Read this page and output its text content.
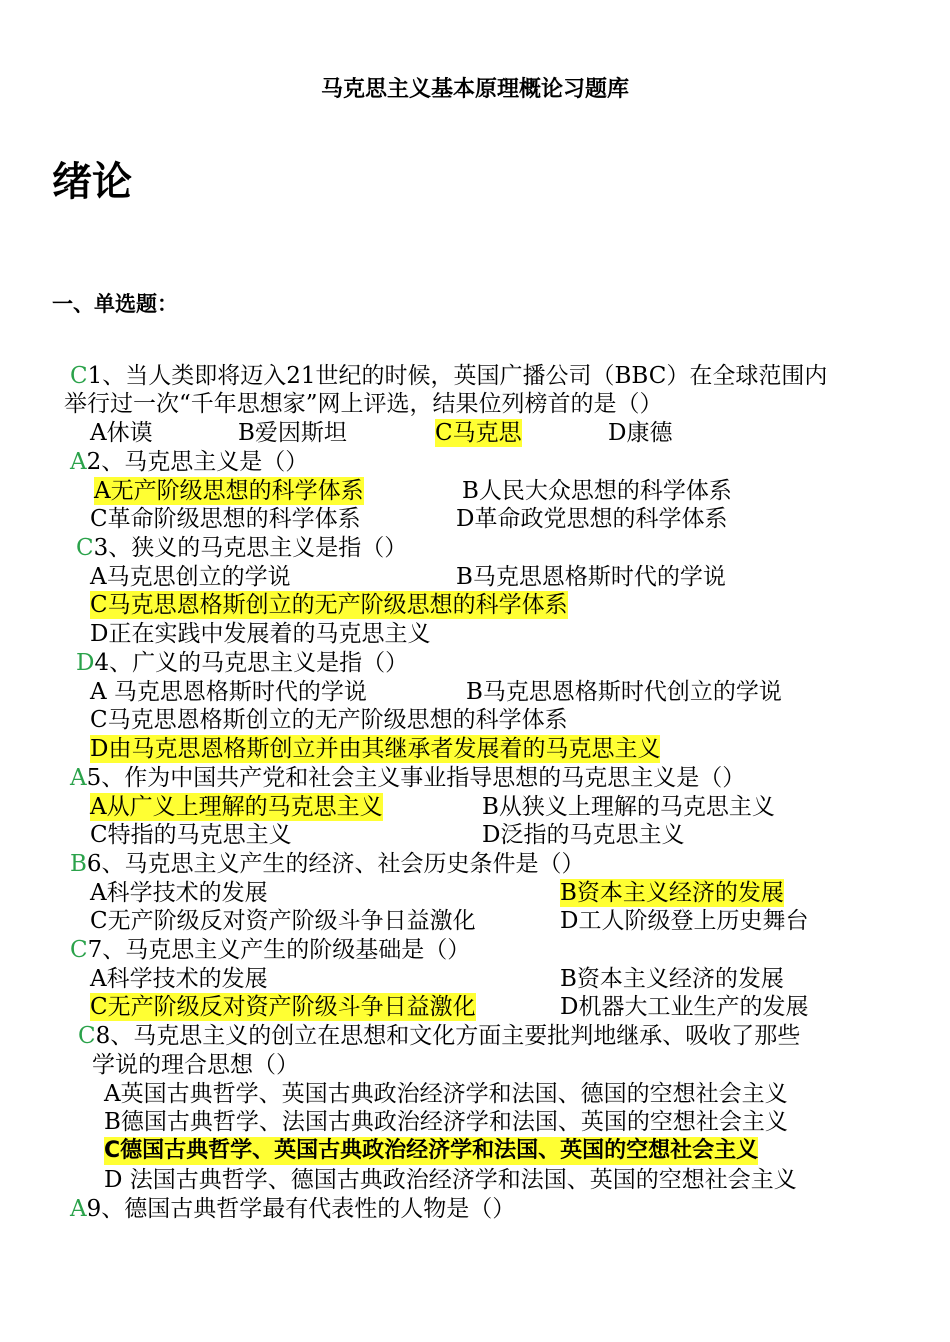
马克思主义基本原理概论习题库
绪论
一、单选题：
C1、当人类即将迈入21世纪的时候，英国广播公司（BBC）在全球范围内
举行过一次“千年思想家”网上评选，结果位列榜首的是（）
A休谟	B爱因斯坦	C马克思	D康德
A2、马克思主义是（）
A无产阶级思想的科学体系	B人民大众思想的科学体系
C革命阶级思想的科学体系	D革命政党思想的科学体系
C3、狭义的马克思主义是指（）
A马克思创立的学说	B马克思恩格斯时代的学说
C马克思恩格斯创立的无产阶级思想的科学体系
D正在实践中发展着的马克思主义
D4、广义的马克思主义是指（）
A 马克思恩格斯时代的学说	B马克思恩格斯时代创立的学说
C马克思恩格斯创立的无产阶级思想的科学体系
D由马克思恩格斯创立并由其继承者发展着的马克思主义
A5、作为中国共产党和社会主义事业指导思想的马克思主义是（）
A从广义上理解的马克思主义	B从狭义上理解的马克思主义
C特指的马克思主义	D泛指的马克思主义
B6、马克思主义产生的经济、社会历史条件是（）
A科学技术的发展	B资本主义经济的发展
C无产阶级反对资产阶级斗争日益激化	D工人阶级登上历史舞台
C7、马克思主义产生的阶级基础是（）
A科学技术的发展	B资本主义经济的发展
C无产阶级反对资产阶级斗争日益激化	D机器大工业生产的发展
C8、马克思主义的创立在思想和文化方面主要批判地继承、吸收了那些
学说的理合思想（）
A英国古典哲学、英国古典政治经济学和法国、德国的空想社会主义
B德国古典哲学、法国古典政治经济学和法国、英国的空想社会主义
C德国古典哲学、英国古典政治经济学和法国、英国的空想社会主义
D 法国古典哲学、德国古典政治经济学和法国、英国的空想社会主义
A9、德国古典哲学最有代表性的人物是（）
